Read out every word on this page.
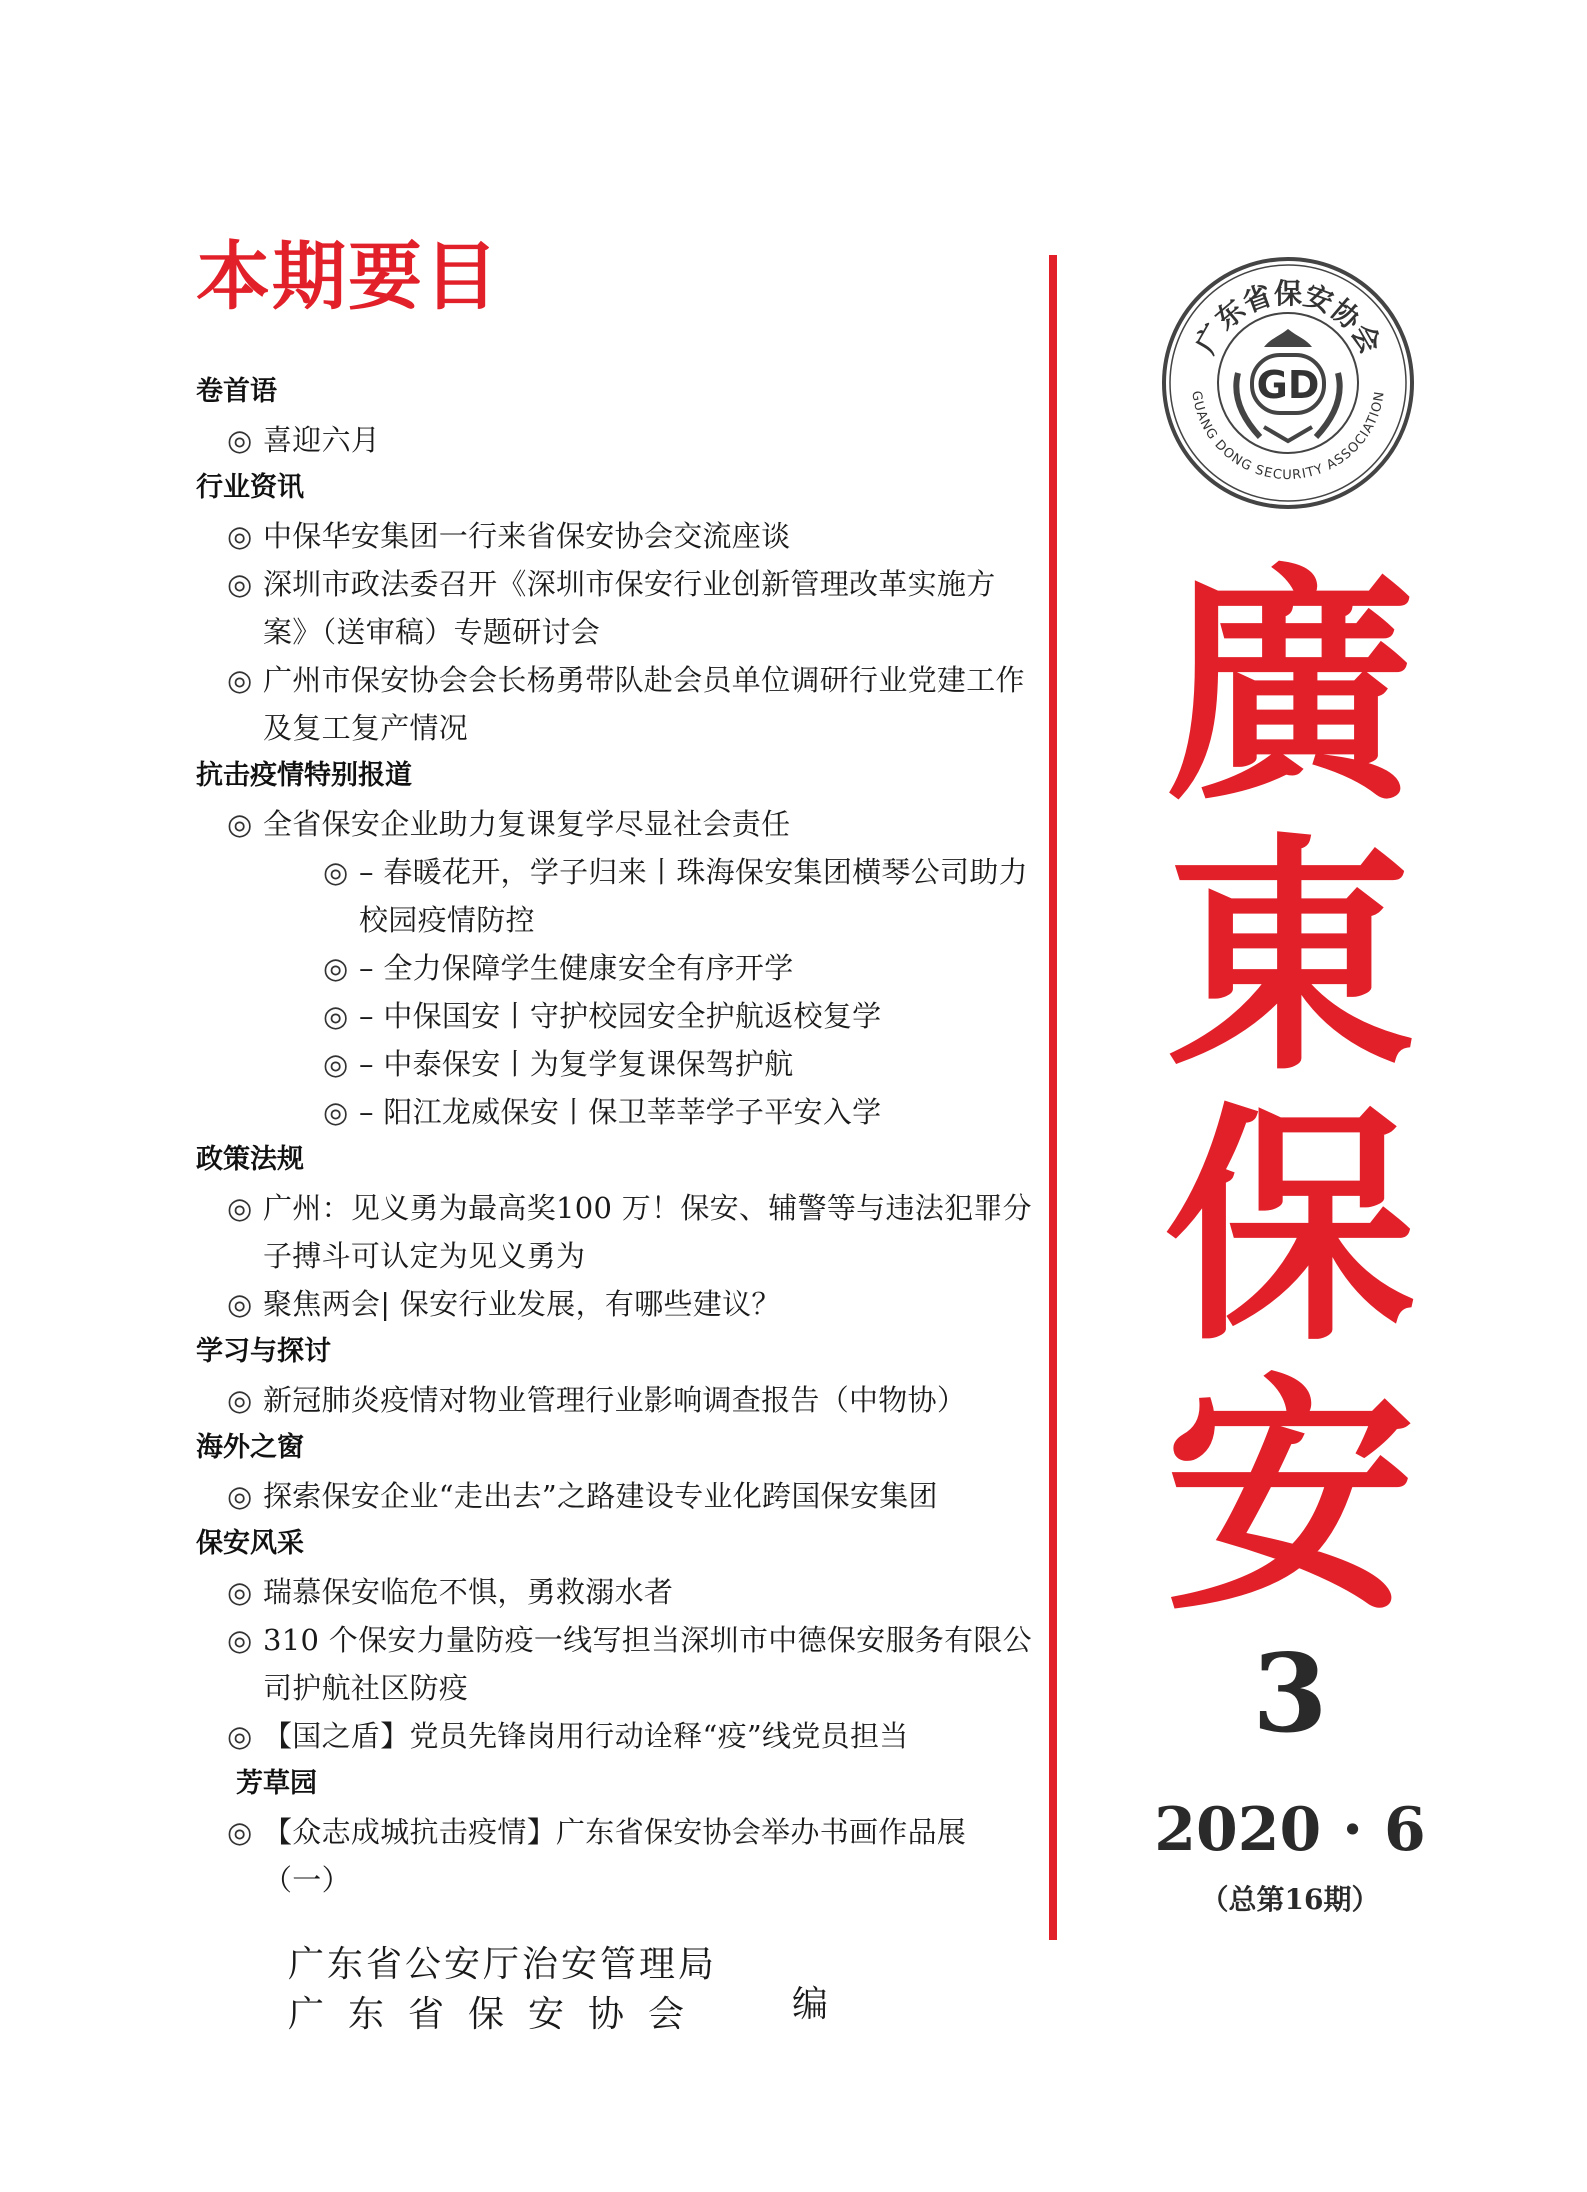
本期要目
卷首语
◎ 喜迎六月
行业资讯
◎ 中保华安集团一行来省保安协会交流座谈
◎ 深圳市政法委召开《深圳市保安行业创新管理改革实施方案》（送审稿）专题研讨会
◎ 广州市保安协会会长杨勇带队赴会员单位调研行业党建工作及复工复产情况
抗击疫情特别报道
◎ 全省保安企业助力复课复学尽显社会责任
◎ – 春暖花开，学子归来丨珠海保安集团横琴公司助力校园疫情防控
◎ – 全力保障学生健康安全有序开学
◎ – 中保国安丨守护校园安全护航返校复学
◎ – 中泰保安丨为复学复课保驾护航
◎ – 阳江龙威保安丨保卫莘莘学子平安入学
政策法规
◎ 广州：见义勇为最高奖100 万！保安、辅警等与违法犯罪分子搏斗可认定为见义勇为
◎ 聚焦两会| 保安行业发展，有哪些建议？
学习与探讨
◎ 新冠肺炎疫情对物业管理行业影响调查报告（中物协）
海外之窗
◎ 探索保安企业“走出去”之路建设专业化跨国保安集团
保安风采
◎ 瑞慕保安临危不惧，勇救溺水者
◎ 310 个保安力量防疫一线写担当深圳市中德保安服务有限公司护航社区防疫
◎ 【国之盾】党员先锋岗用行动诠释“疫”线党员担当
芳草园
◎ 【众志成城抗击疫情】广东省保安协会举办书画作品展（一）
广东省保安协会
GUANG DONG SECURITY ASSOCIATION
GD
廣
東
保
安
3
2020 · 6
（总第16期）
广东省公安厅治安管理局
广东省保安协会 编
